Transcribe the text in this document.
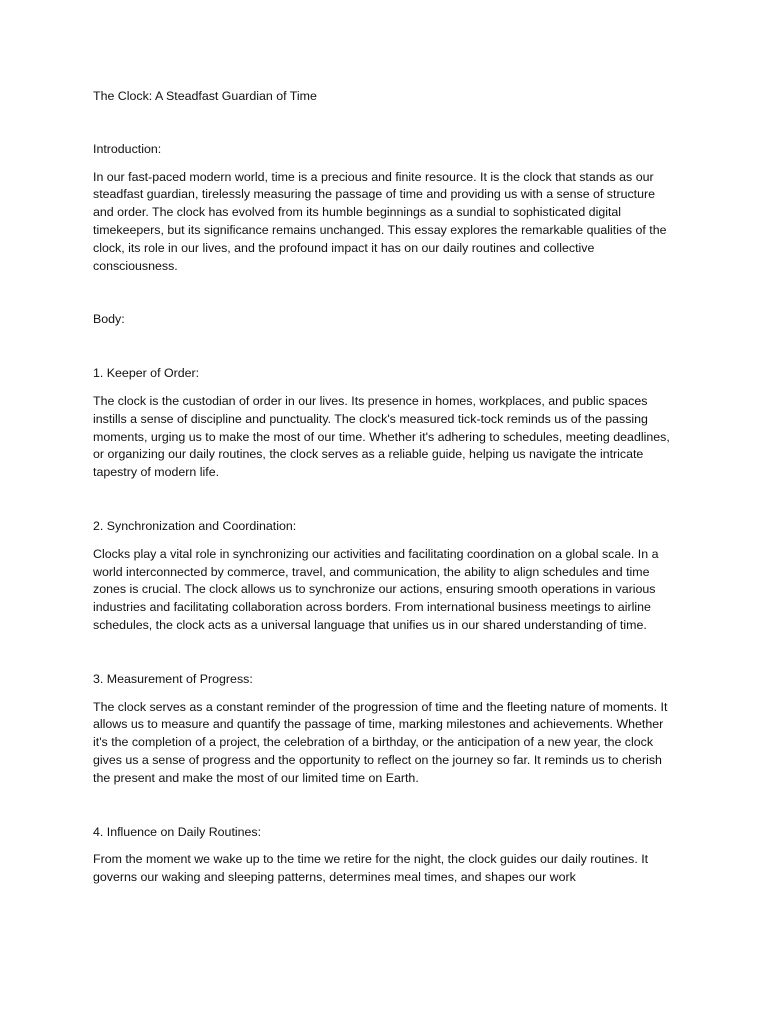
The Clock: A Steadfast Guardian of Time

Introduction:

In our fast-paced modern world, time is a precious and finite resource. It is the clock that stands as our steadfast guardian, tirelessly measuring the passage of time and providing us with a sense of structure and order. The clock has evolved from its humble beginnings as a sundial to sophisticated digital timekeepers, but its significance remains unchanged. This essay explores the remarkable qualities of the clock, its role in our lives, and the profound impact it has on our daily routines and collective consciousness.

Body:

1. Keeper of Order:

The clock is the custodian of order in our lives. Its presence in homes, workplaces, and public spaces instills a sense of discipline and punctuality. The clock's measured tick-tock reminds us of the passing moments, urging us to make the most of our time. Whether it's adhering to schedules, meeting deadlines, or organizing our daily routines, the clock serves as a reliable guide, helping us navigate the intricate tapestry of modern life.

2. Synchronization and Coordination:

Clocks play a vital role in synchronizing our activities and facilitating coordination on a global scale. In a world interconnected by commerce, travel, and communication, the ability to align schedules and time zones is crucial. The clock allows us to synchronize our actions, ensuring smooth operations in various industries and facilitating collaboration across borders. From international business meetings to airline schedules, the clock acts as a universal language that unifies us in our shared understanding of time.

3. Measurement of Progress:

The clock serves as a constant reminder of the progression of time and the fleeting nature of moments. It allows us to measure and quantify the passage of time, marking milestones and achievements. Whether it's the completion of a project, the celebration of a birthday, or the anticipation of a new year, the clock gives us a sense of progress and the opportunity to reflect on the journey so far. It reminds us to cherish the present and make the most of our limited time on Earth.

4. Influence on Daily Routines:

From the moment we wake up to the time we retire for the night, the clock guides our daily routines. It governs our waking and sleeping patterns, determines meal times, and shapes our work
